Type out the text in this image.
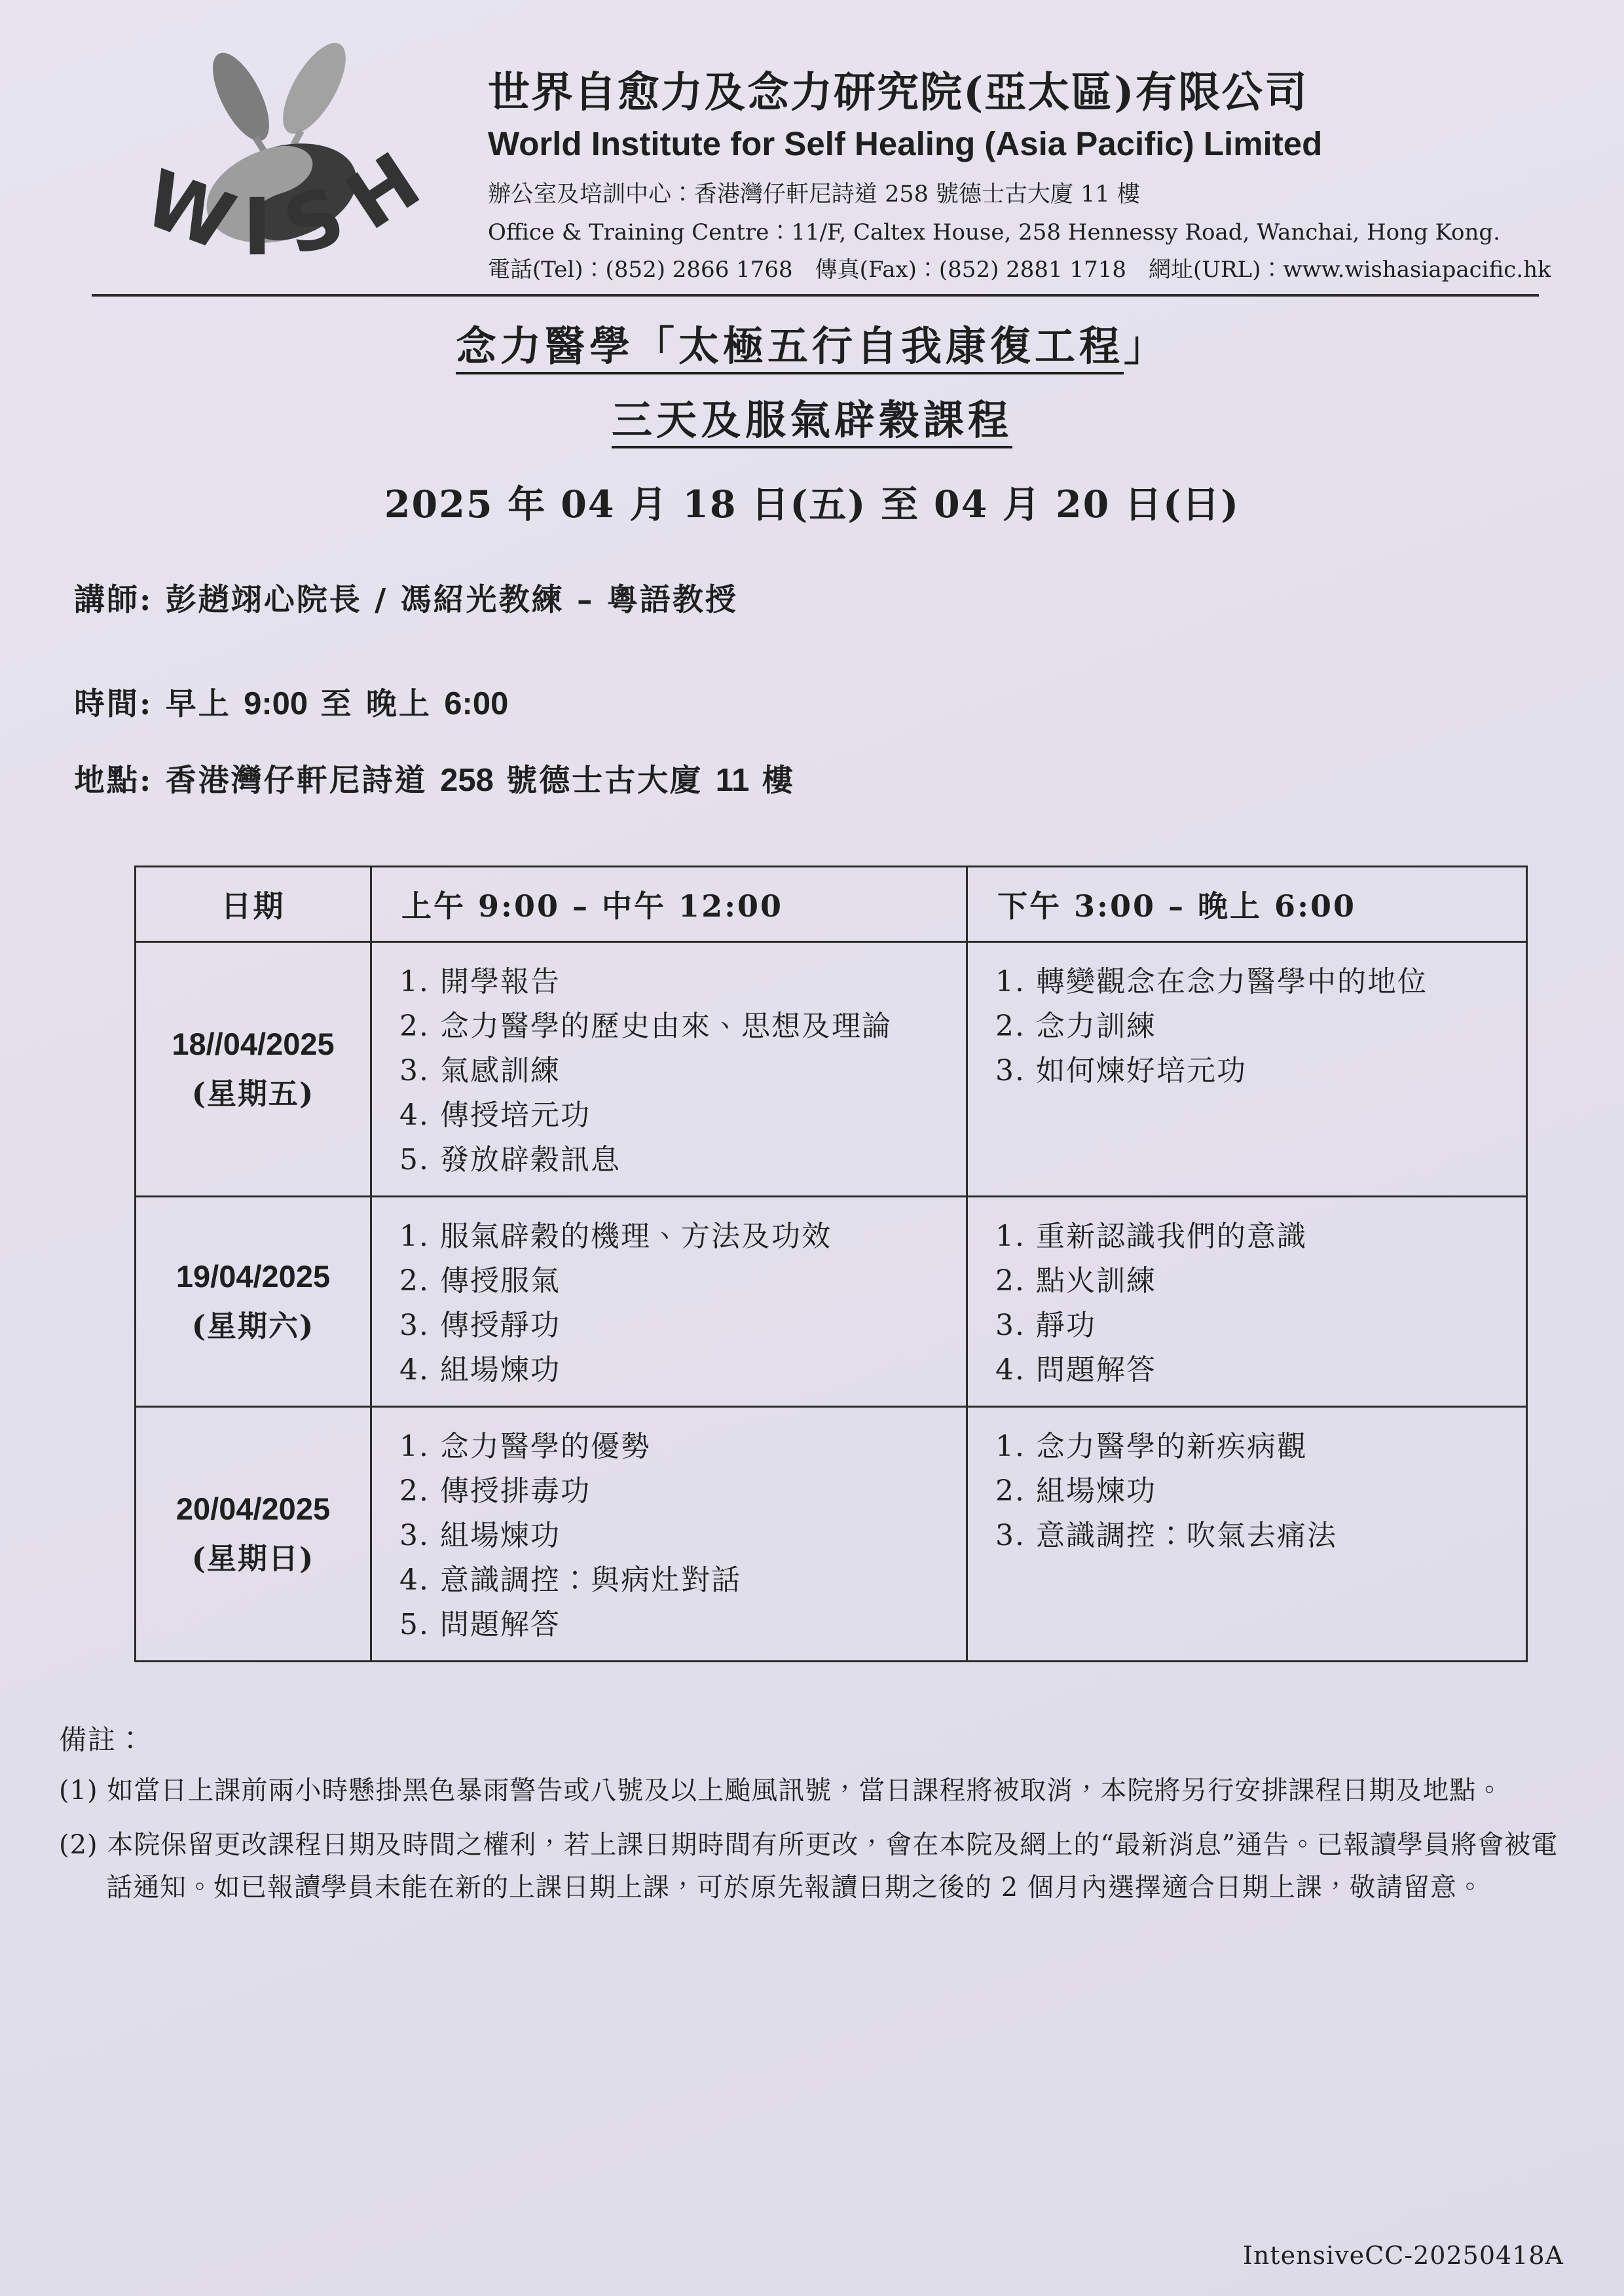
WISH
世界自愈力及念力研究院(亞太區)有限公司
World Institute for Self Healing (Asia Pacific) Limited
辦公室及培訓中心：香港灣仔軒尼詩道 258 號德士古大廈 11 樓
Office & Training Centre：11/F, Caltex House, 258 Hennessy Road, Wanchai, Hong Kong.
電話(Tel)：(852) 2866 1768　傳真(Fax)：(852) 2881 1718　網址(URL)：www.wishasiapacific.hk
念力醫學「太極五行自我康復工程」
三天及服氣辟穀課程
2025 年 04 月 18 日(五) 至 04 月 20 日(日)
講師: 彭趙翊心院長 / 馮紹光教練 – 粵語教授
時間: 早上 9:00 至 晚上 6:00
地點: 香港灣仔軒尼詩道 258 號德士古大廈 11 樓
日期	上午 9:00 – 中午 12:00	下午 3:00 – 晚上 6:00

18//04/2025
(星期五)

1. 開學報告
2. 念力醫學的歷史由來、思想及理論
3. 氣感訓練
4. 傳授培元功
5. 發放辟穀訊息

1. 轉變觀念在念力醫學中的地位
2. 念力訓練
3. 如何煉好培元功

19/04/2025
(星期六)

1. 服氣辟穀的機理、方法及功效
2. 傳授服氣
3. 傳授靜功
4. 組場煉功

1. 重新認識我們的意識
2. 點火訓練
3. 靜功
4. 問題解答

20/04/2025
(星期日)

1. 念力醫學的優勢
2. 傳授排毒功
3. 組場煉功
4. 意識調控：與病灶對話
5. 問題解答

1. 念力醫學的新疾病觀
2. 組場煉功
3. 意識調控：吹氣去痛法
備註：
(1) 如當日上課前兩小時懸掛黑色暴雨警告或八號及以上颱風訊號，當日課程將被取消，本院將另行安排課程日期及地點。
(2) 本院保留更改課程日期及時間之權利，若上課日期時間有所更改，會在本院及網上的“最新消息”通告。已報讀學員將會被電話通知。如已報讀學員未能在新的上課日期上課，可於原先報讀日期之後的 2 個月內選擇適合日期上課，敬請留意。
IntensiveCC-20250418A
